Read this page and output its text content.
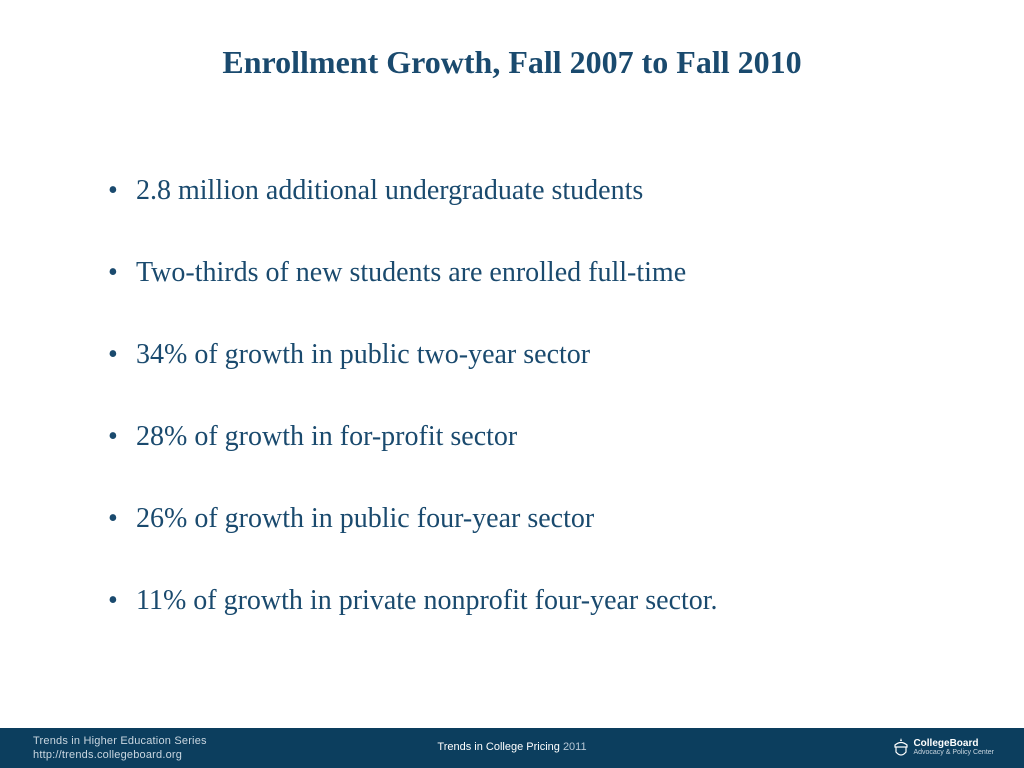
Enrollment Growth, Fall 2007 to Fall 2010
• 2.8 million additional undergraduate students
• Two-thirds of new students are enrolled full-time
• 34% of growth in public two-year sector
• 28% of growth in for-profit sector
• 26% of growth in public four-year sector
• 11% of growth in private nonprofit four-year sector.
Trends in Higher Education Series
http://trends.collegeboard.org
Trends in College Pricing 2011	CollegeBoard
Advocacy & Policy Center
